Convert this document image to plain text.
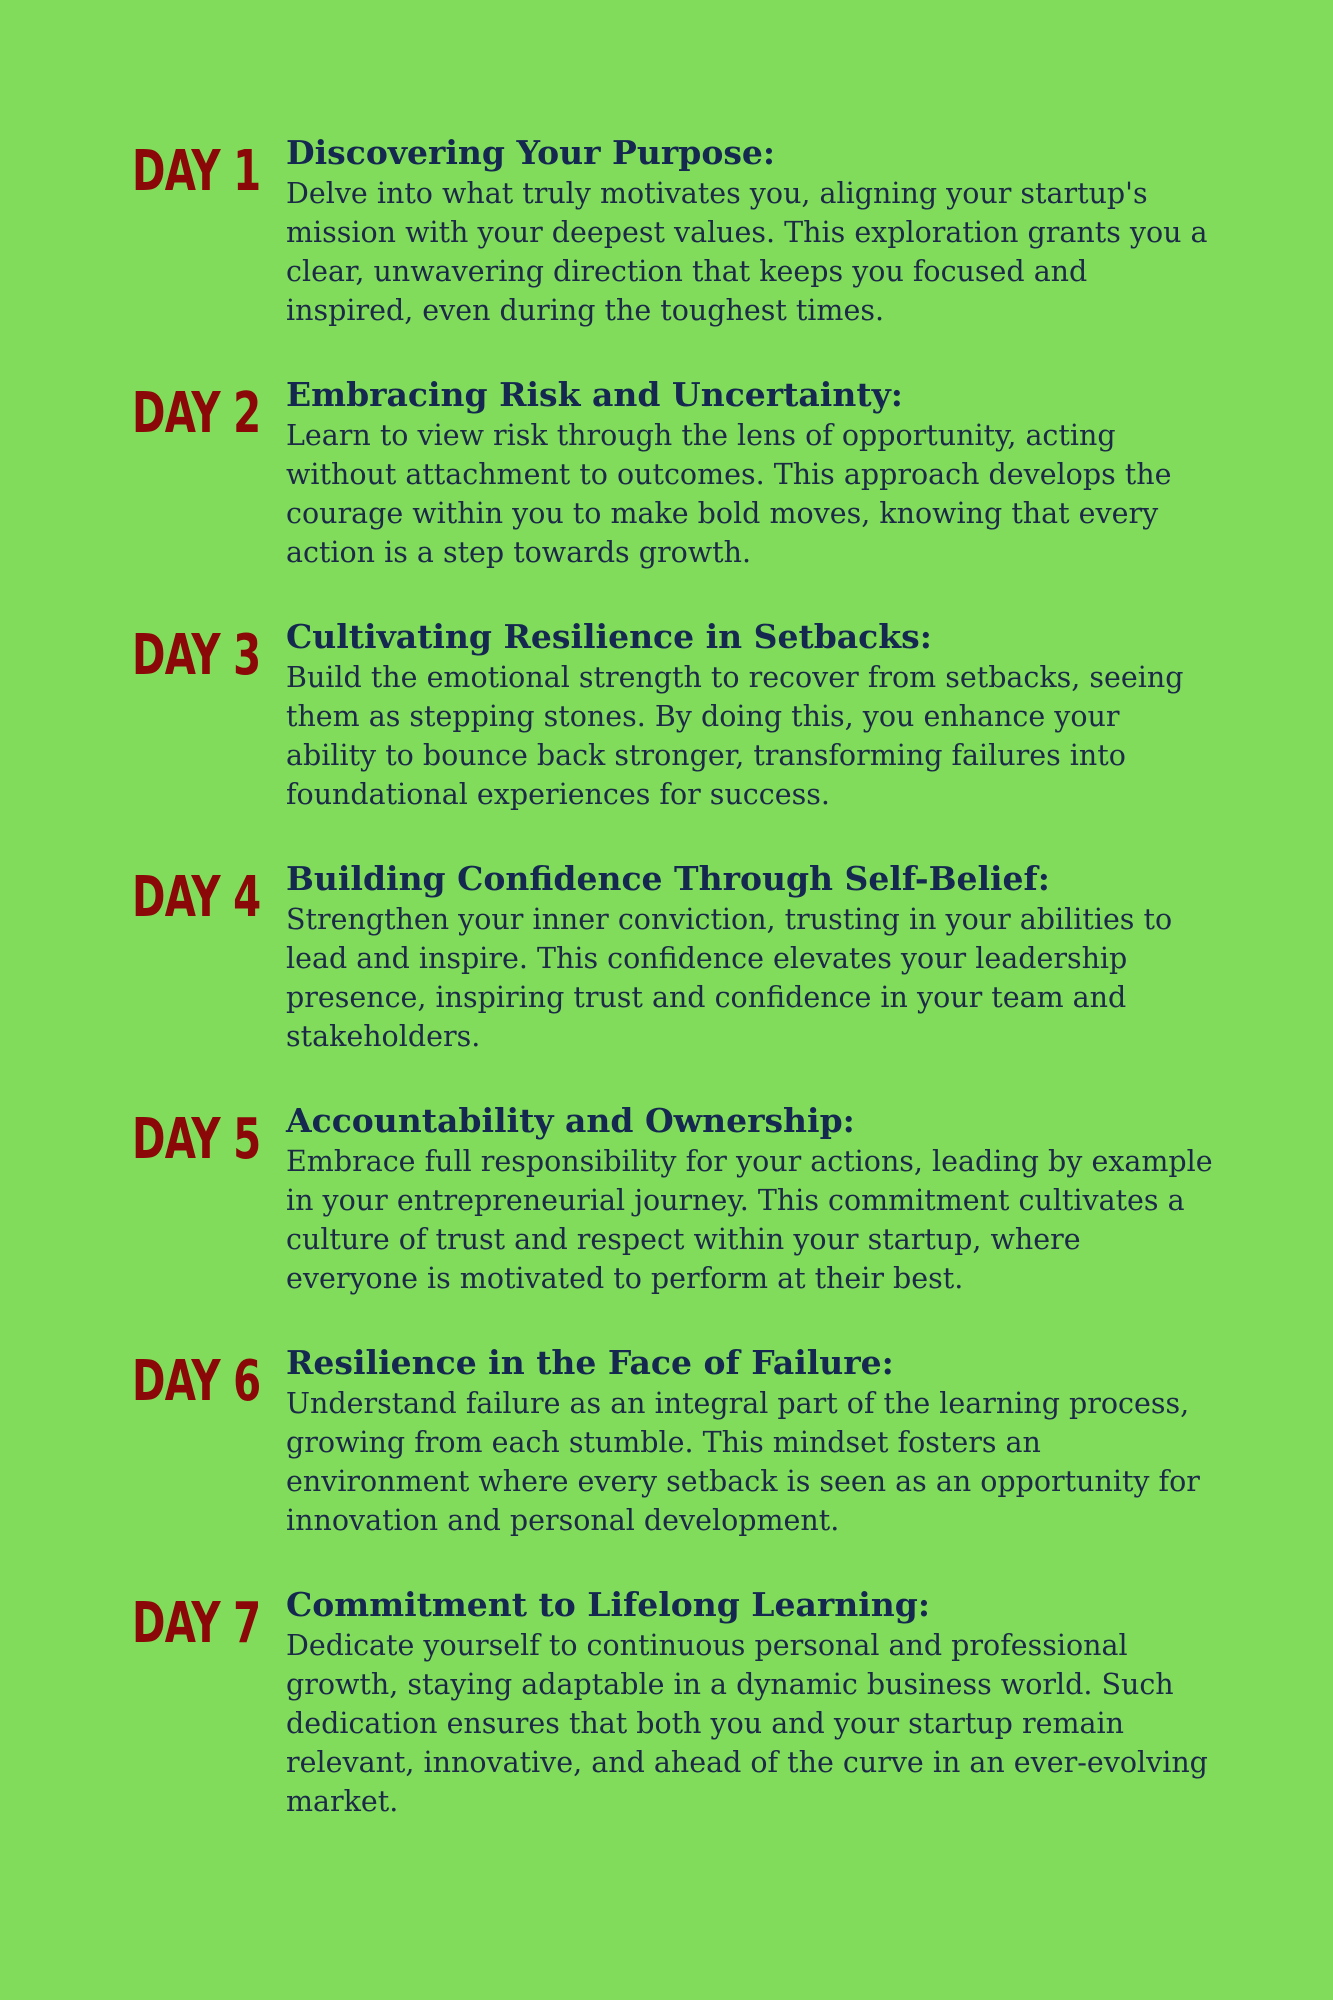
DAY 1 Discovering Your Purpose:

Delve into what truly motivates you, aligning your startup's mission with your deepest values. This exploration grants you a clear, unwavering direction that keeps you focused and inspired, even during the toughest times.

DAY 2 Embracing Risk and Uncertainty:

Learn to view risk through the lens of opportunity, acting without attachment to outcomes. This approach develops the courage within you to make bold moves, knowing that every action is a step towards growth.

DAY 3 Cultivating Resilience in Setbacks:

Build the emotional strength to recover from setbacks, seeing them as stepping stones. By doing this, you enhance your ability to bounce back stronger, transforming failures into foundational experiences for success.

DAY 4 Building Confidence Through Self-Belief:

Strengthen your inner conviction, trusting in your abilities to lead and inspire. This confidence elevates your leadership presence, inspiring trust and confidence in your team and stakeholders.

DAY 5 Accountability and Ownership:

Embrace full responsibility for your actions, leading by example in your entrepreneurial journey. This commitment cultivates a culture of trust and respect within your startup, where everyone is motivated to perform at their best.

DAY 6 Resilience in the Face of Failure:

Understand failure as an integral part of the learning process, growing from each stumble. This mindset fosters an environment where every setback is seen as an opportunity for innovation and personal development.

DAY 7 Commitment to Lifelong Learning:

Dedicate yourself to continuous personal and professional growth, staying adaptable in a dynamic business world. Such dedication ensures that both you and your startup remain relevant, innovative, and ahead of the curve in an ever-evolving market.
